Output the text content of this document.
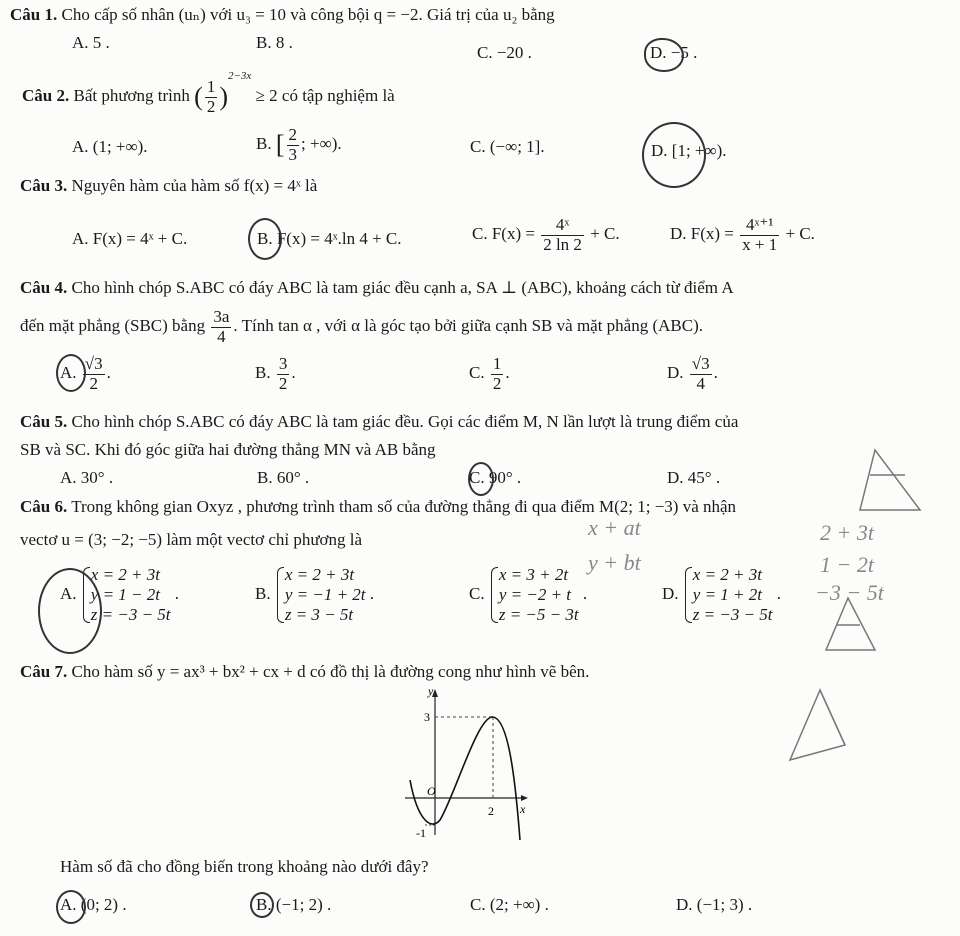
Câu 1. Cho cấp số nhân (uₙ) với u₃ = 10 và công bội q = −2. Giá trị của u₂ bằng
A. 5 .	B. 8 .
C. −20 .	D. −5 .
Câu 2. Bất phương trình ( $\frac{1}{2} )^{2-3x} \ge 2$ có tập nghiệm là
A. (1; +∞).	B. [ $\frac{2}{3}$ ; +∞).	C. (−∞; 1].	D. [1; +∞).
Câu 3. Nguyên hàm của hàm số f(x) = 4ˣ là
A. F(x) = 4ˣ + C.	B. F(x) = 4ˣ.ln 4 + C.	C. $F(x) = \frac{\text{4ˣ}}{2 \ln 2} + C$.	D. $F(x) = \frac{\text{4ˣ⁺¹}}{x + 1} + C$.
Câu 4. Cho hình chóp S.ABC có đáy ABC là tam giác đều cạnh a, SA ⊥ (ABC), khoảng cách từ điểm A
đến mặt phẳng (SBC) bằng $\frac{3a}{4}$ . Tính tan α , với α là góc tạo bởi giữa cạnh SB và mặt phẳng (ABC).
A. $\frac{√3}{2}$ .	B. $\frac{3}{2}$ .	C. $\frac{1}{2}$ .	D. $\frac{√3}{4}$ .
Câu 5. Cho hình chóp S.ABC có đáy ABC là tam giác đều. Gọi các điểm M, N lần lượt là trung điểm của
SB và SC. Khi đó góc giữa hai đường thẳng MN và AB bằng
A. 30° .	B. 60° .	C. 90° .	D. 45° .
Câu 6. Trong không gian Oxyz , phương trình tham số của đường thẳng đi qua điểm M(2; 1; −3) và nhận
vectơ u = (3; −2; −5) làm một vectơ chỉ phương là
A.
x = 2 + 3t
y = 1 − 2t
z = −3 − 5t
.	B.
x = 2 + 3t
y = −1 + 2t
z = 3 − 5t
.	C.
x = 3 + 2t
y = −2 + t
z = −5 − 3t
.	D.
x = 2 + 3t
y = 1 + 2t
z = −3 − 5t
.
Câu 7. Cho hàm số y = ax³ + bx² + cx + d có đồ thị là đường cong như hình vẽ bên.
y
x
3
O
2
-1
Hàm số đã cho đồng biến trong khoảng nào dưới đây?
A. (0; 2) .	B. (−1; 2) .	C. (2; +∞) .	D. (−1; 3) .
x + at
y + bt
2 + 3t
1 − 2t
−3 − 5t
